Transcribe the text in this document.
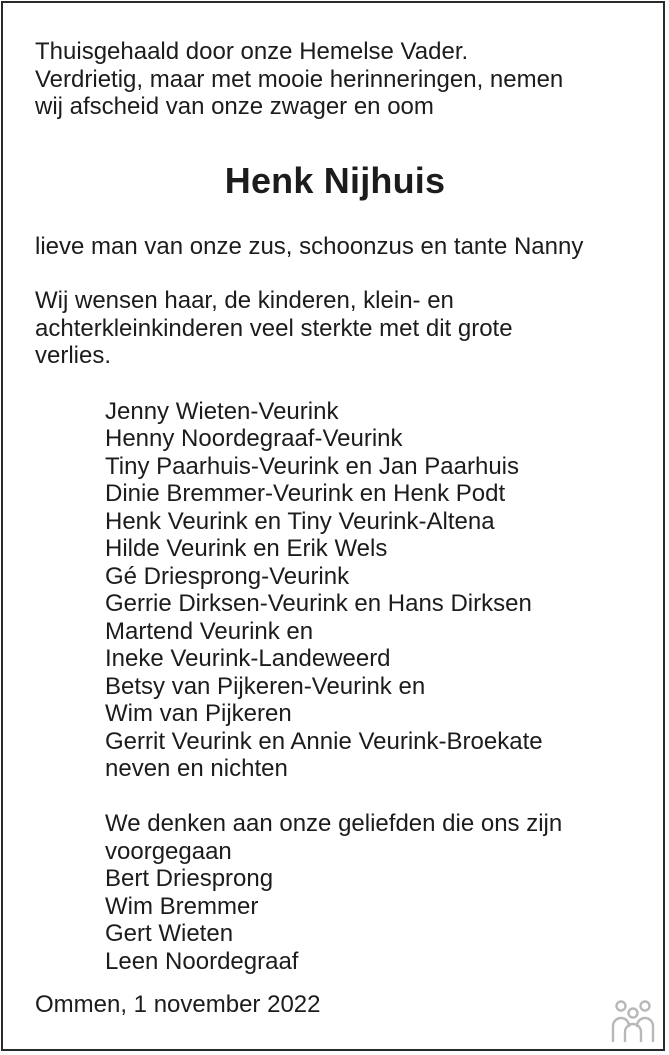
Thuisgehaald door onze Hemelse Vader.

Verdrietig, maar met mooie herinneringen, nemen

wij afscheid van onze zwager en oom

Henk Nijhuis
lieve man van onze zus, schoonzus en tante Nanny

Wij wensen haar, de kinderen, klein- en

achterkleinkinderen veel sterkte met dit grote

verlies.

Jenny Wieten-Veurink

Henny Noordegraaf-Veurink

Tiny Paarhuis-Veurink en Jan Paarhuis

Dinie Bremmer-Veurink en Henk Podt

Henk Veurink en Tiny Veurink-Altena

Hilde Veurink en Erik Wels

Gé Driesprong-Veurink

Gerrie Dirksen-Veurink en Hans Dirksen

Martend Veurink en

Ineke Veurink-Landeweerd

Betsy van Pijkeren-Veurink en

Wim van Pijkeren

Gerrit Veurink en Annie Veurink-Broekate

neven en nichten

We denken aan onze geliefden die ons zijn

voorgegaan

Bert Driesprong

Wim Bremmer

Gert Wieten

Leen Noordegraaf

Ommen, 1 november 2022
